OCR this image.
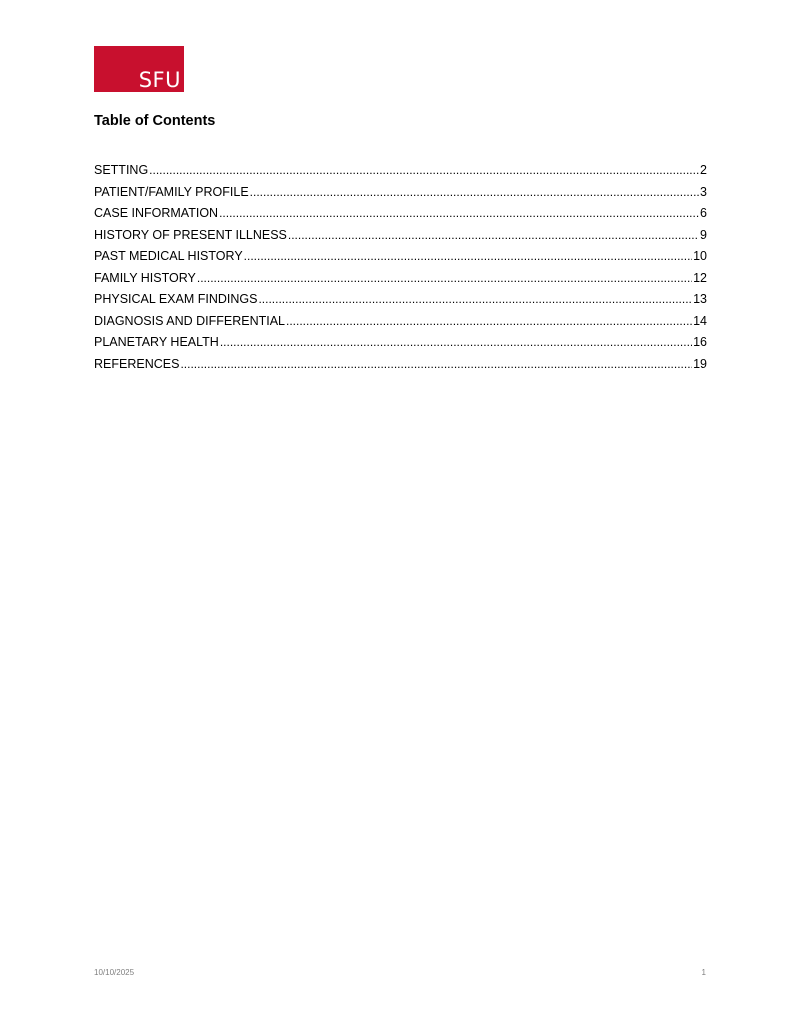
SFU
Table of Contents
SETTING .....	2
PATIENT/FAMILY PROFILE .....	3
CASE INFORMATION .....	6
HISTORY OF PRESENT ILLNESS .....	9
PAST MEDICAL HISTORY .....	10
FAMILY HISTORY .....	12
PHYSICAL EXAM FINDINGS .....	13
DIAGNOSIS AND DIFFERENTIAL .....	14
PLANETARY HEALTH .....	16
REFERENCES .....	19
10/10/2025	1
